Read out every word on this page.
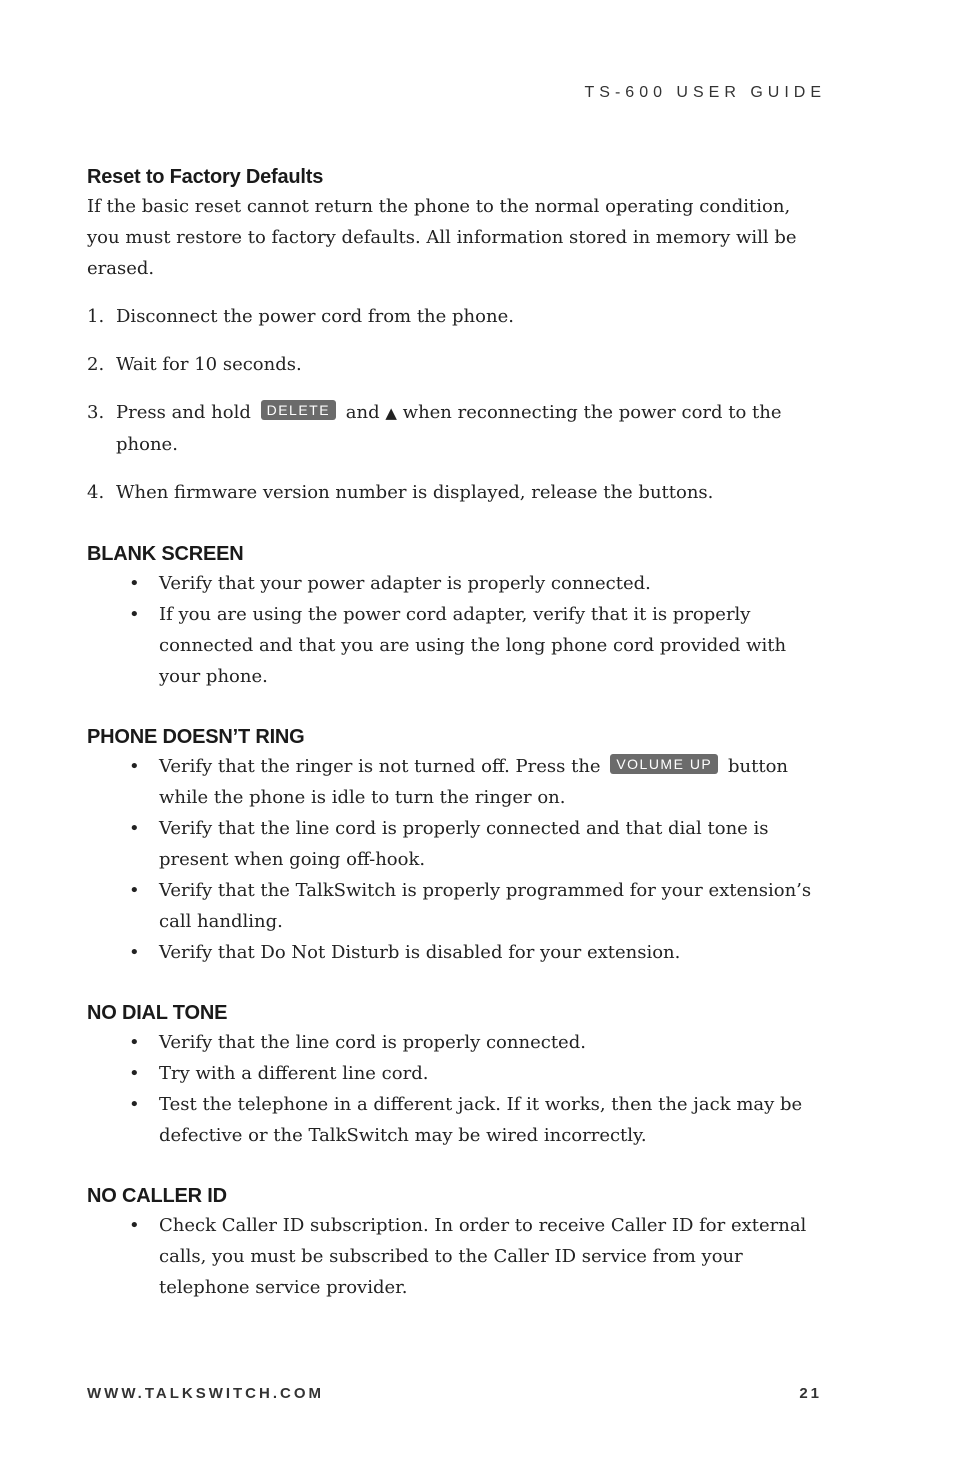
TS-600 USER GUIDE
Reset to Factory Defaults

If the basic reset cannot return the phone to the normal operating condition, you must restore to factory defaults. All information stored in memory will be erased.

1. Disconnect the power cord from the phone.
2. Wait for 10 seconds.
3. Press and hold DELETE and ▲ when reconnecting the power cord to the phone.
4. When firmware version number is displayed, release the buttons.
BLANK SCREEN
• Verify that your power adapter is properly connected.
• If you are using the power cord adapter, verify that it is properly connected and that you are using the long phone cord provided with your phone.
PHONE DOESN’T RING
• Verify that the ringer is not turned off. Press the VOLUME UP button while the phone is idle to turn the ringer on.
• Verify that the line cord is properly connected and that dial tone is present when going off-hook.
• Verify that the TalkSwitch is properly programmed for your extension’s call handling.
• Verify that Do Not Disturb is disabled for your extension.
NO DIAL TONE
• Verify that the line cord is properly connected.
• Try with a different line cord.
• Test the telephone in a different jack. If it works, then the jack may be defective or the TalkSwitch may be wired incorrectly.
NO CALLER ID
• Check Caller ID subscription. In order to receive Caller ID for external calls, you must be subscribed to the Caller ID service from your telephone service provider.
WWW.TALKSWITCH.COM	21
